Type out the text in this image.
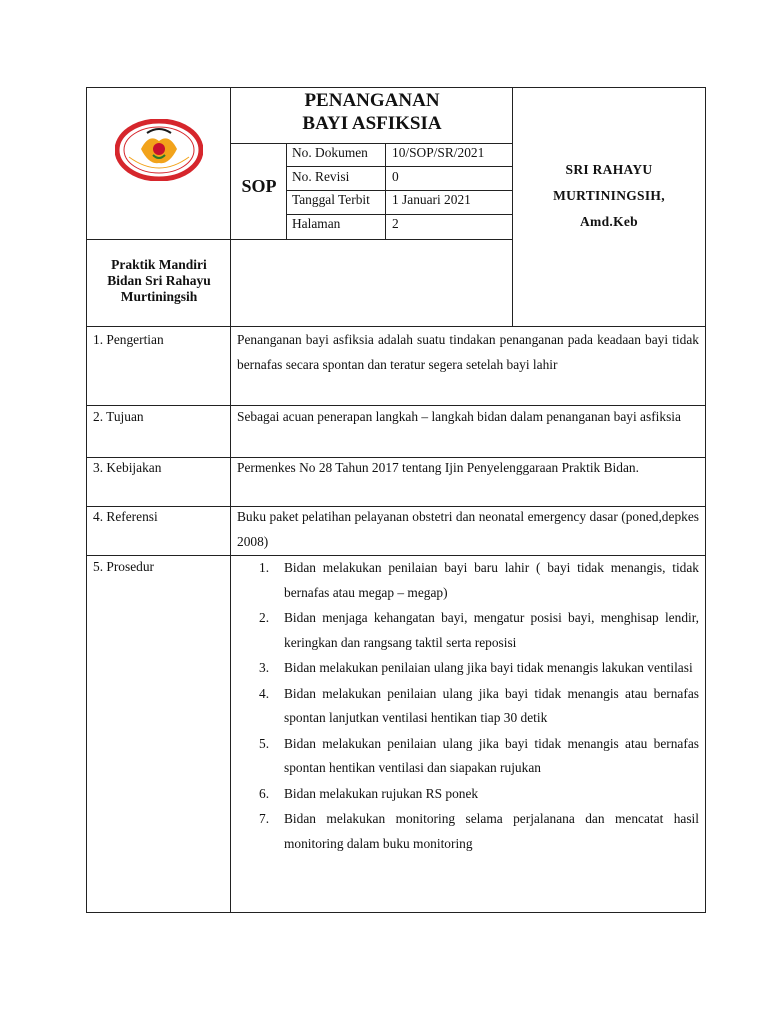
PENANGANAN
BAYI ASFIKSIA
SOP
No. Dokumen 10/SOP/SR/2021
No. Revisi	0
Tanggal Terbit 1 Januari 2021
Halaman	2
SRI RAHAYU
MURTININGSIH,
Amd.Keb
Praktik Mandiri
Bidan Sri Rahayu
Murtiningsih
1. Pengertian	Penanganan bayi asfiksia adalah suatu tindakan penanganan pada keadaan bayi tidak bernafas secara spontan dan teratur segera setelah bayi lahir
2. Tujuan	Sebagai acuan penerapan langkah – langkah bidan dalam penanganan bayi asfiksia
3. Kebijakan	Permenkes No 28 Tahun 2017 tentang Ijin Penyelenggaraan Praktik Bidan.
4. Referensi	Buku paket pelatihan pelayanan obstetri dan neonatal emergency dasar (poned,depkes 2008)
5. Prosedur	1. Bidan melakukan penilaian bayi baru lahir ( bayi tidak menangis, tidak bernafas atau megap – megap)
2. Bidan menjaga kehangatan bayi, mengatur posisi bayi, menghisap lendir, keringkan dan rangsang taktil serta reposisi
3. Bidan melakukan penilaian ulang jika bayi tidak menangis lakukan ventilasi
4. Bidan melakukan penilaian ulang jika bayi tidak menangis atau bernafas spontan lanjutkan ventilasi hentikan tiap 30 detik
5. Bidan melakukan penilaian ulang jika bayi tidak menangis atau bernafas spontan hentikan ventilasi dan siapakan rujukan
6. Bidan melakukan rujukan RS ponek
7. Bidan melakukan monitoring selama perjalanana dan mencatat hasil monitoring dalam buku monitoring
